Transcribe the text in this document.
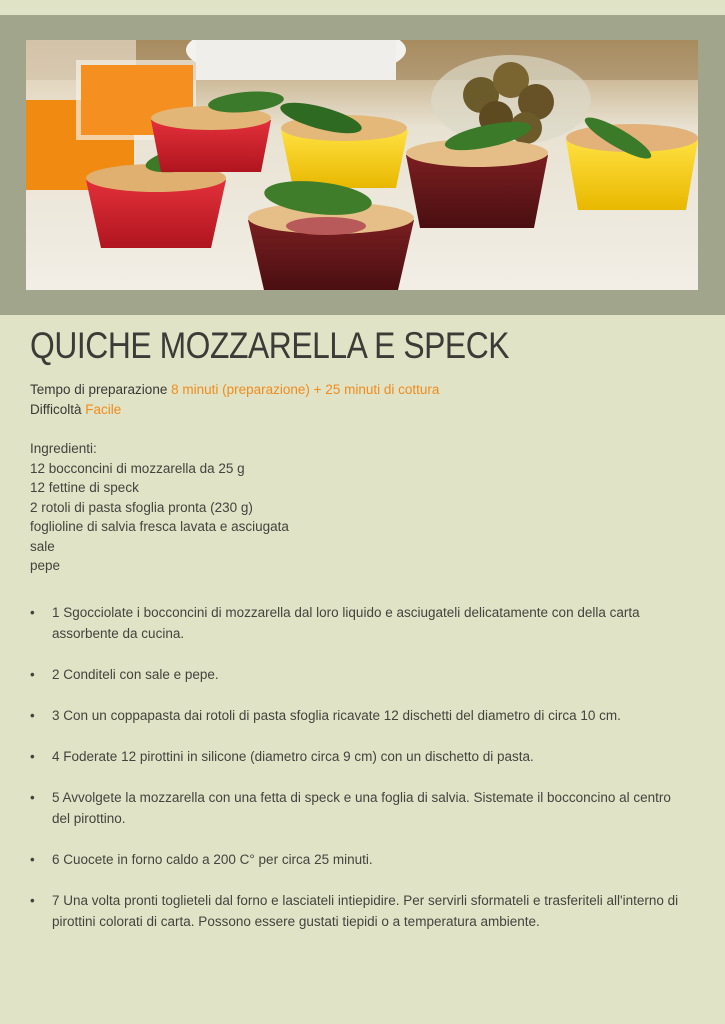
QUICHE MOZZARELLA E SPECK
Tempo di preparazione 8 minuti (preparazione) + 25 minuti di cottura
Difficoltà Facile
Ingredienti:
12 bocconcini di mozzarella da 25 g
12 fettine di speck
2 rotoli di pasta sfoglia pronta (230 g)
foglioline di salvia fresca lavata e asciugata
sale
pepe
• 1 Sgocciolate i bocconcini di mozzarella dal loro liquido e asciugateli delicatamente con della carta assorbente da cucina.
• 2 Conditeli con sale e pepe.
• 3 Con un coppapasta dai rotoli di pasta sfoglia ricavate 12 dischetti del diametro di circa 10 cm.
• 4 Foderate 12 pirottini in silicone (diametro circa 9 cm) con un dischetto di pasta.
• 5 Avvolgete la mozzarella con una fetta di speck e una foglia di salvia. Sistemate il bocconcino al centro del pirottino.
• 6 Cuocete in forno caldo a 200 C° per circa 25 minuti.
• 7 Una volta pronti toglieteli dal forno e lasciateli intiepidire. Per servirli sformateli e trasferiteli all'interno di pirottini colorati di carta. Possono essere gustati tiepidi o a temperatura ambiente.
